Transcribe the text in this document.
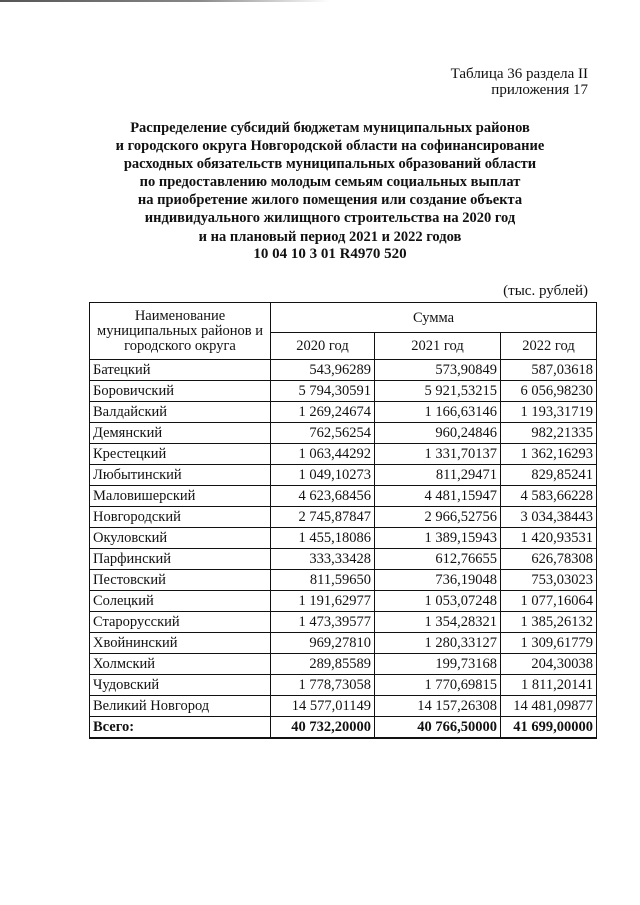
Таблица 36 раздела II
приложения 17
Распределение субсидий бюджетам муниципальных районов
и городского округа Новгородской области на софинансирование
расходных обязательств муниципальных образований области
по предоставлению молодым семьям социальных выплат
на приобретение жилого помещения или создание объекта
индивидуального жилищного строительства на 2020 год
и на плановый период 2021 и 2022 годов
10 04 10 3 01 R4970 520
(тыс. рублей)
Наименование муниципальных районов и городского округа	Сумма		
	2020 год	2021 год	2022 год
Батецкий	543,96289	573,90849	587,03618
Боровичский	5 794,30591	5 921,53215	6 056,98230
Валдайский	1 269,24674	1 166,63146	1 193,31719
Демянский	762,56254	960,24846	982,21335
Крестецкий	1 063,44292	1 331,70137	1 362,16293
Любытинский	1 049,10273	811,29471	829,85241
Маловишерский	4 623,68456	4 481,15947	4 583,66228
Новгородский	2 745,87847	2 966,52756	3 034,38443
Окуловский	1 455,18086	1 389,15943	1 420,93531
Парфинский	333,33428	612,76655	626,78308
Пестовский	811,59650	736,19048	753,03023
Солецкий	1 191,62977	1 053,07248	1 077,16064
Старорусский	1 473,39577	1 354,28321	1 385,26132
Хвойнинский	969,27810	1 280,33127	1 309,61779
Холмский	289,85589	199,73168	204,30038
Чудовский	1 778,73058	1 770,69815	1 811,20141
Великий Новгород	14 577,01149	14 157,26308	14 481,09877
Всего:	40 732,20000	40 766,50000	41 699,00000
